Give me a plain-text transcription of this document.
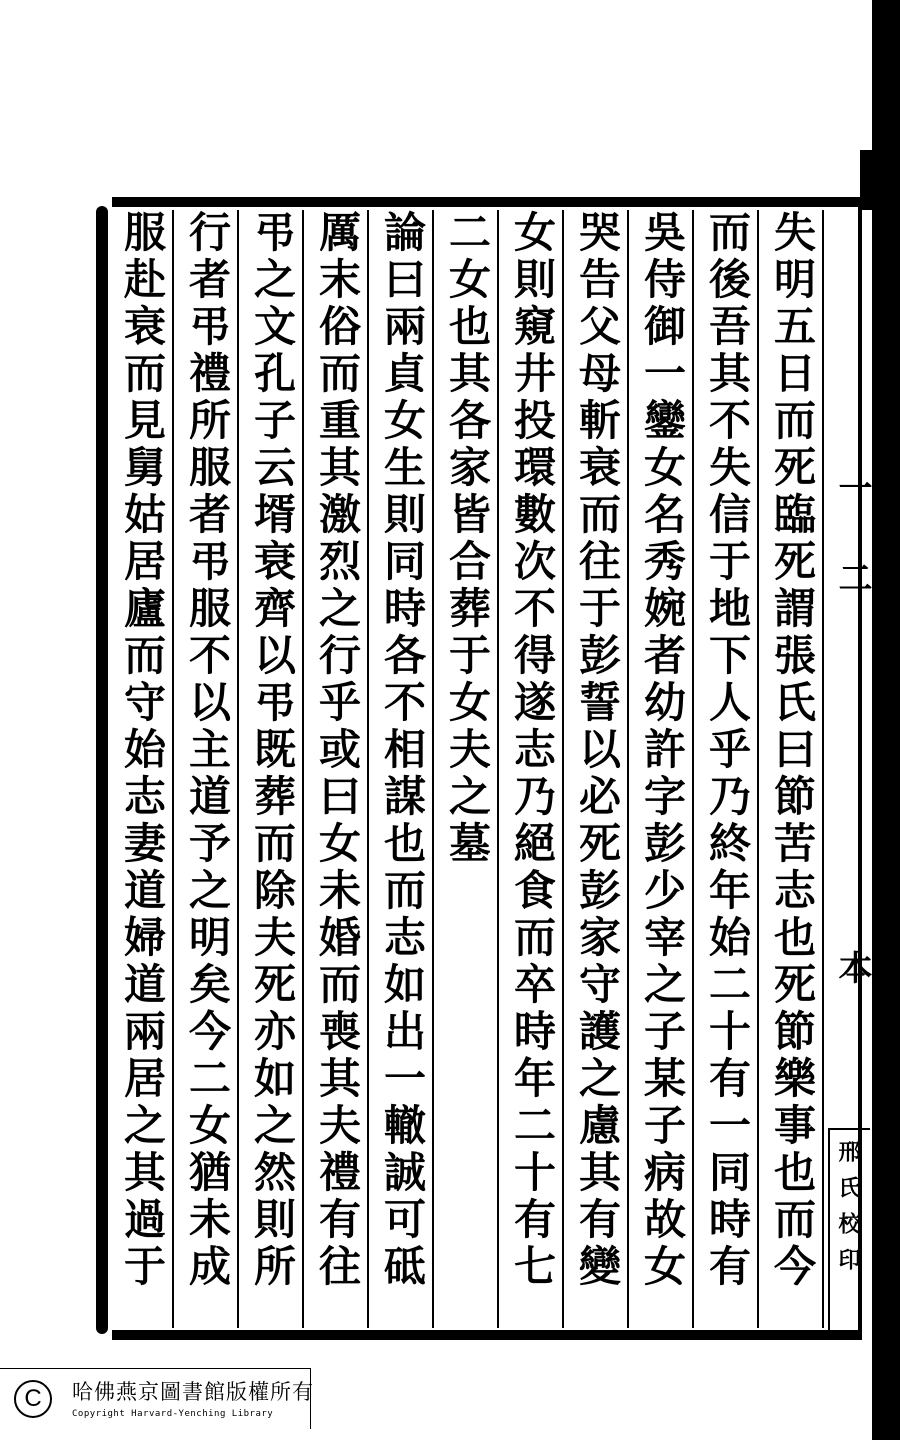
失明五日而死臨死謂張氏曰節苦志也死節樂事也而今
而後吾其不失信于地下人乎乃終年始二十有一同時有
吳侍御一鑾女名秀婉者幼許字彭少宰之子某子病故女
哭告父母斬衰而往于彭誓以必死彭家守護之慮其有變
女則窺井投環數次不得遂志乃絕食而卒時年二十有七
二女也其各家皆合葬于女夫之墓
論曰兩貞女生則同時各不相謀也而志如出一轍誠可砥
厲末俗而重其激烈之行乎或曰女未婚而喪其夫禮有往
弔之文孔子云壻衰齊以弔既葬而除夫死亦如之然則所
行者弔禮所服者弔服不以主道予之明矣今二女猶未成
服赴衰而見舅姑居廬而守始志妻道婦道兩居之其過于	一
二
本
邢氏校印
C	哈佛燕京圖書館版權所有
Copyright Harvard-Yenching Library
